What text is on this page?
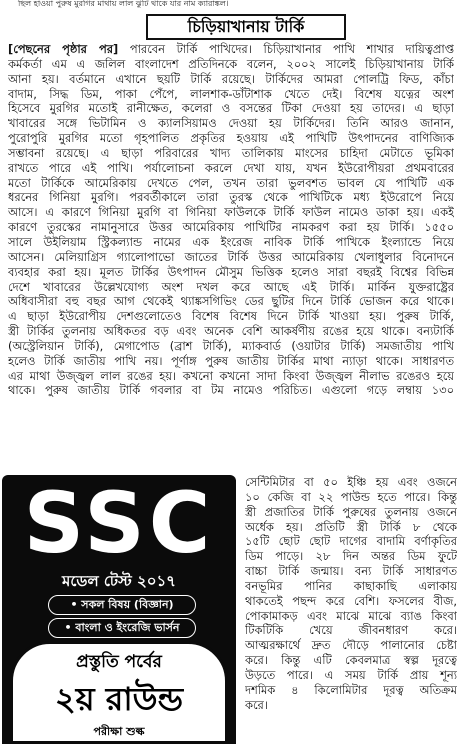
ছিল হাওয়া পুরুষ মুরগির মাথায় লাল ঝুঁটি থাকে যার নাম ক্যারাঙ্কল।
চিড়িয়াখানায় টার্কি
[পেছনের পৃষ্ঠার পর] পারবেন টার্কি পাখিদের। চিড়িয়াখানার পাখি শাখার দায়িত্বপ্রাপ্ত
কর্মকর্তা এম এ জলিল বাংলাদেশ প্রতিদিনকে বলেন, ২০০২ সালেই চিড়িয়াখানায় টার্কি
আনা হয়। বর্তমানে এখানে ছয়টি টার্কি রয়েছে। টার্কিদের আমরা পোলট্রি ফিড, কাঁচা
বাদাম, সিদ্ধ ডিম, পাকা পেঁপে, লালশাক-ডাঁটাশাক খেতে দেই। বিশেষ যত্নের অংশ
হিসেবে মুরগির মতোই রানীক্ষেত, কলেরা ও বসন্তের টিকা দেওয়া হয় তাদের। এ ছাড়া
খাবারের সঙ্গে ভিটামিন ও ক্যালসিয়ামও দেওয়া হয় টার্কিদের। তিনি আরও জানান,
পুরোপুরি মুরগির মতো গৃহপালিত প্রকৃতির হওয়ায় এই পাখিটি উৎপাদনের বাণিজ্যিক
সম্ভাবনা রয়েছে। এ ছাড়া পরিবারের খাদ্য তালিকায় মাংসের চাহিদা মেটাতে ভূমিকা
রাখতে পারে এই পাখি। পর্যালোচনা করলে দেখা যায়, যখন ইউরোপীয়রা প্রথমবারের
মতো টার্কিকে আমেরিকায় দেখতে পেল, তখন তারা ভুলবশত ভাবল যে পাখিটি এক
ধরনের গিনিয়া মুরগি। পরবর্তীকালে তারা তুরস্ক থেকে পাখিটিকে মধ্য ইউরোপে নিয়ে
আসে। এ কারণে গিনিয়া মুরগি বা গিনিয়া ফাউলকে টার্কি ফাউল নামেও ডাকা হয়। একই
কারণে তুরস্কের নামানুসারে উত্তর আমেরিকায় পাখিটির নামকরণ করা হয় টার্কি। ১৫৫০
সালে উইলিয়াম স্ট্রিকল্যান্ড নামের এক ইংরেজ নাবিক টার্কি পাখিকে ইংল্যান্ডে নিয়ে
আসেন। মেলিয়াগ্রিস গ্যালোপাভো জাতের টার্কি উত্তর আমেরিকায় খেলাধুলার বিনোদনে
ব্যবহার করা হয়। মূলত টার্কির উৎপাদন মৌসুম ভিত্তিক হলেও সারা বছরই বিশ্বের বিভিন্ন
দেশে খাবারের উল্লেখযোগ্য অংশ দখল করে আছে এই টার্কি। মার্কিন যুক্তরাষ্ট্রের
অধিবাসীরা বহু বছর আগ থেকেই থ্যাঙ্কসগিভিং ডের ছুটির দিনে টার্কি ভোজন করে থাকে।
এ ছাড়া ইউরোপীয় দেশগুলোতেও বিশেষ বিশেষ দিনে টার্কি খাওয়া হয়। পুরুষ টার্কি,
স্ত্রী টার্কির তুলনায় অধিকতর বড় এবং অনেক বেশি আকর্ষণীয় রঙের হয়ে থাকে। বন্যটার্কি
(অস্ট্রেলিয়ান টার্কি), মেগাপোড (ব্রাশ টার্কি), ম্যাকবার্ড (ওয়াটার টার্কি) সমজাতীয় পাখি
হলেও টার্কি জাতীয় পাখি নয়। পূর্ণাঙ্গ পুরুষ জাতীয় টার্কির মাথা ন্যাড়া থাকে। সাধারণত
এর মাথা উজ্জ্বল লাল রঙের হয়। কখনো কখনো সাদা কিংবা উজ্জ্বল নীলাভ রঙেরও হয়ে
থাকে। পুরুষ জাতীয় টার্কি গবলার বা টম নামেও পরিচিত। এগুলো গড়ে লম্বায় ১৩০
সেন্টিমিটার বা ৫০ ইঞ্চি হয় এবং ওজনে
১০ কেজি বা ২২ পাউন্ড হতে পারে। কিন্তু
স্ত্রী প্রজাতির টার্কি পুরুষের তুলনায় ওজনে
অর্ধেক হয়। প্রতিটি স্ত্রী টার্কি ৮ থেকে
১৫টি ছোট ছোট দাগের বাদামি বর্ণাকৃতির
ডিম পাড়ে। ২৮ দিন অন্তর ডিম ফুটে
বাচ্চা টার্কি জন্মায়। বন্য টার্কি সাধারণত
বনভূমির পানির কাছাকাছি এলাকায়
থাকতেই পছন্দ করে বেশি। ফসলের বীজ,
পোকামাকড় এবং মাঝে মাঝে ব্যাঙ কিংবা
টিকটিকি খেয়ে জীবনধারণ করে।
আত্মরক্ষার্থে দ্রুত দৌড়ে পালানোর চেষ্টা
করে। কিন্তু এটি কেবলমাত্র স্বল্প দূরত্বে
উড়তে পারে। এ সময় টার্কি প্রায় শূন্য
দশমিক ৪ কিলোমিটার দূরত্ব অতিক্রম
করে।
SSC
মডেল টেস্ট ২০১৭
• সকল বিষয় (বিজ্ঞান)
• বাংলা ও ইংরেজি ভার্সন
প্রস্তুতি পর্বের
২য় রাউন্ড
পরীক্ষা শুল্ক
